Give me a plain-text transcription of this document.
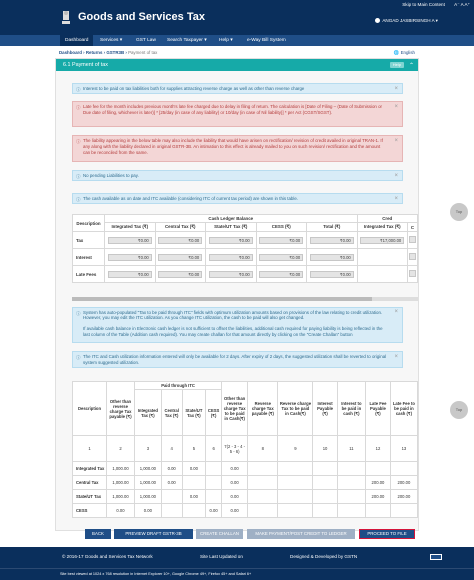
Skip to Main Content A⁻ A A⁺
Goods and Services Tax	ANGAD JASBIRSINGH A ▾
Dashboard	Services ▾	GST Law	Search Taxpayer ▾	Help ▾	e-Way Bill System
Dashboard › Returns › GSTR3B › Payment of tax	🌐 English
6.1 Payment of tax	Help	⌃
ⓘ Interest to be paid on tax liabilities both for supplies attracting reverse charge as well as other than reverse charge	×
ⓘ Late fee for the month includes previous month's late fee charged due to delay in filing of return. The calculation is [Date of Filing – (Date of Submission or Due date of filing, whichever is later)] * [25/day (in case of any liability) or 10/day (in case of Nil liability)] * per Act (CGST/SGST).
×
ⓘ The liability appearing in the below table may also include the liability that would have arisen on rectification/ revision of credit availed in original TRAN-1. If any along with the liability declared in original GSTR-3B. An intimation to this effect is already mailed to you on such revision/ rectification and the amount can be reconciled from the same.
×
ⓘ No pending Liabilities to pay.	×
ⓘ The cash available as on date and ITC available (considering ITC of current tax period) are shown in this table.	×
Description	Cash Ledger Balance					Cred	
	Integrated Tax (₹)	Central Tax (₹)	State/UT Tax (₹)	CESS (₹)	Total (₹)	Integrated Tax (₹)	C
Tax	₹0.00	₹0.00	₹0.00	₹0.00	₹0.00	₹17,000.00	
Interest	₹0.00	₹0.00	₹0.00	₹0.00	₹0.00		
Late Fees	₹0.00	₹0.00	₹0.00	₹0.00	₹0.00		
ⓘ System has auto-populated "Tax to be paid through ITC" fields with optimum utilization amounts based on provisions of the law relating to credit utilization. However, you may edit the ITC utilization. As you change ITC utilization, the cash to be paid will also get changed.

If available cash balance in Electronic cash ledger is not sufficient to offset the liabilities, additional cash required for paying liability is being reflected in the last column of the Table (Addition cash required). You may create challan for that amount directly by clicking on the "Create Challan" button
×
ⓘ The ITC and Cash utilization information entered will only be available for 2 days. After expiry of 2 days, the suggested utilization shall be reverted to original system suggested utilization.
×
Description	Other than reverse charge Tax payable (₹)	Paid through ITC				Other than reverse charge Tax to be paid in Cash(₹)	Reverse charge Tax payable (₹)	Reverse charge Tax to be paid in Cash(₹)	Interest Payable (₹)	Interest to be paid in cash (₹)	Late Fee Payable (₹)	Late Fee to be paid in cash (₹)
		Integrated Tax (₹)	Central Tax (₹)	State/UT Tax (₹)	CESS (₹)							
1	2	3	4	5	6	7(2 - 3 - 4 - 5 - 6)	8	9	10	11	12	13
Integrated Tax	1,000.00	1,000.00	0.00	0.00		0.00						
Central Tax	1,000.00	1,000.00	0.00			0.00					200.00	200.00
State/UT Tax	1,000.00	1,000.00		0.00		0.00					200.00	200.00
CESS	0.00	0.00			0.00	0.00						
BACK	PREVIEW DRAFT GSTR-3B	CREATE CHALLAN	MAKE PAYMENT/POST CREDIT TO LEDGER	PROCEED TO FILE
Top
Top
© 2016-17 Goods and Services Tax Network	Site Last Updated on	Designed & Developed by GSTN
Site best viewed at 1024 x 768 resolution in Internet Explorer 10+, Google Chrome 49+, Firefox 45+ and Safari 6+
